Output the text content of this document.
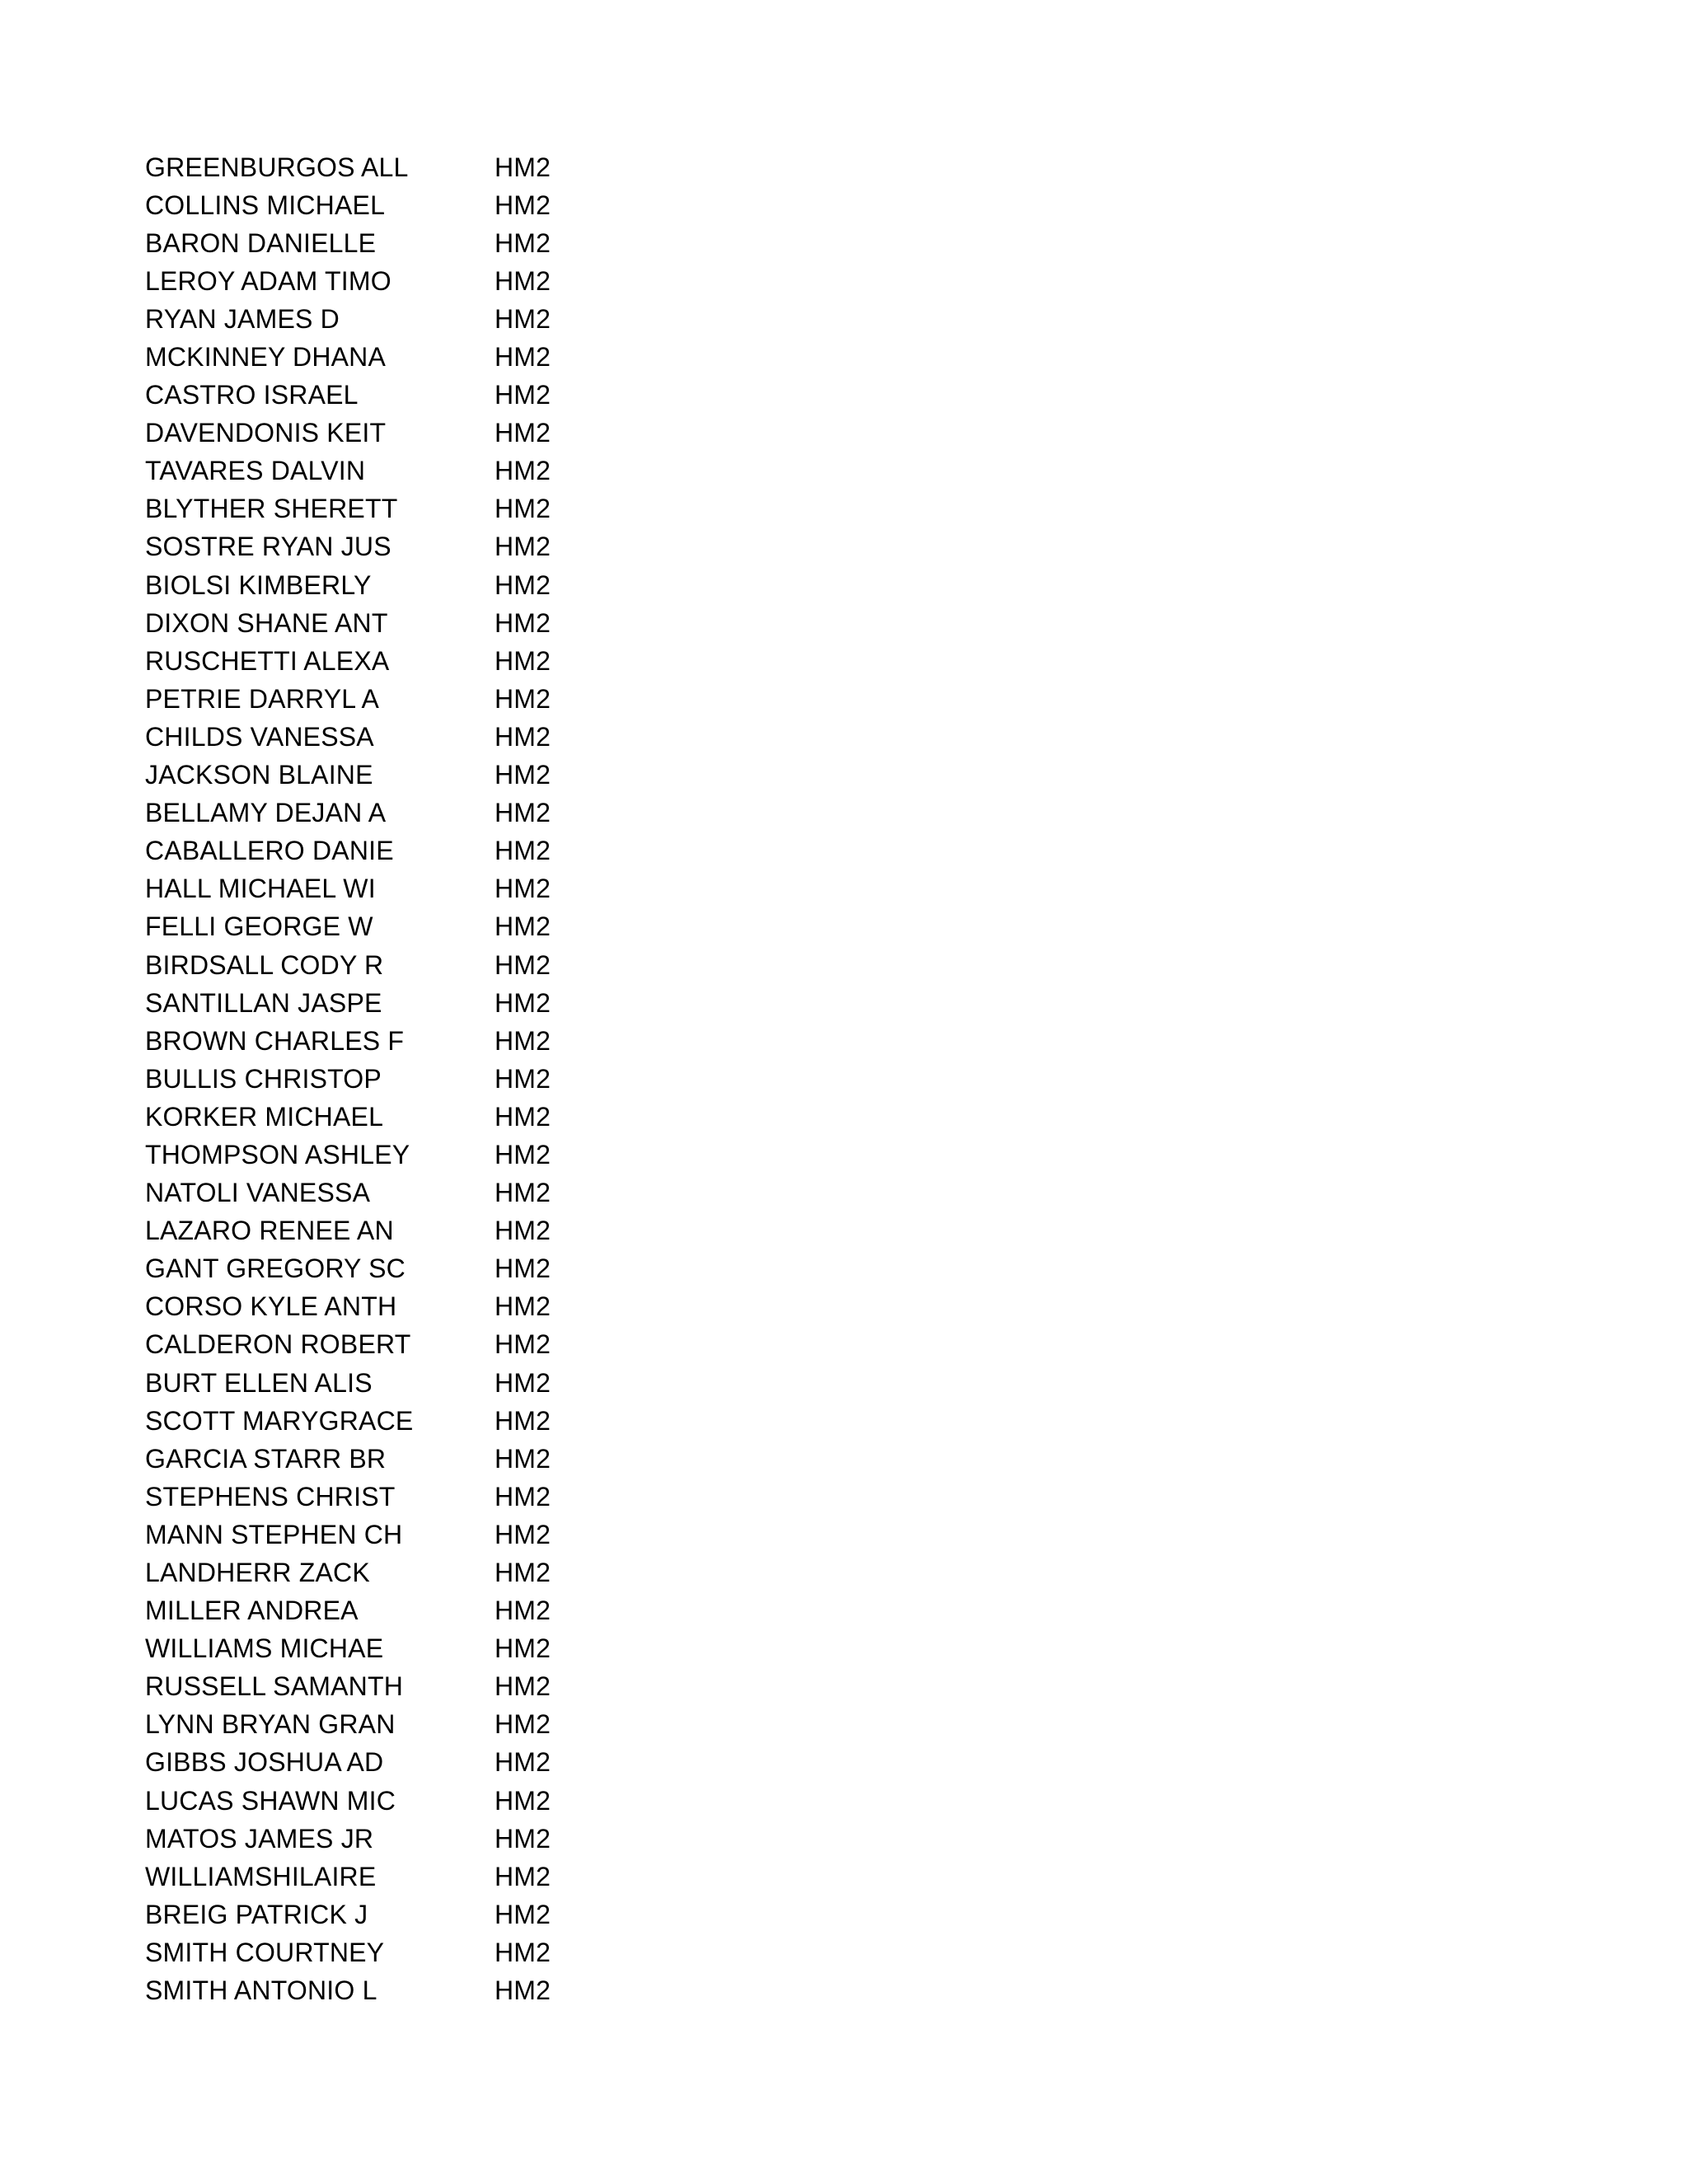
GREENBURGOS ALL	HM2
COLLINS MICHAEL	HM2
BARON DANIELLE	HM2
LEROY ADAM TIMO	HM2
RYAN JAMES D	HM2
MCKINNEY DHANA	HM2
CASTRO ISRAEL	HM2
DAVENDONIS KEIT	HM2
TAVARES DALVIN	HM2
BLYTHER SHERETT	HM2
SOSTRE RYAN JUS	HM2
BIOLSI KIMBERLY	HM2
DIXON SHANE ANT	HM2
RUSCHETTI ALEXA	HM2
PETRIE DARRYL A	HM2
CHILDS VANESSA	HM2
JACKSON BLAINE	HM2
BELLAMY DEJAN A	HM2
CABALLERO DANIE	HM2
HALL MICHAEL WI	HM2
FELLI GEORGE W	HM2
BIRDSALL CODY R	HM2
SANTILLAN JASPE	HM2
BROWN CHARLES F	HM2
BULLIS CHRISTOP	HM2
KORKER MICHAEL	HM2
THOMPSON ASHLEY	HM2
NATOLI VANESSA	HM2
LAZARO RENEE AN	HM2
GANT GREGORY SC	HM2
CORSO KYLE ANTH	HM2
CALDERON ROBERT	HM2
BURT ELLEN ALIS	HM2
SCOTT MARYGRACE	HM2
GARCIA STARR BR	HM2
STEPHENS CHRIST	HM2
MANN STEPHEN CH	HM2
LANDHERR ZACK	HM2
MILLER ANDREA	HM2
WILLIAMS MICHAE	HM2
RUSSELL SAMANTH	HM2
LYNN BRYAN GRAN	HM2
GIBBS JOSHUA AD	HM2
LUCAS SHAWN MIC	HM2
MATOS JAMES JR	HM2
WILLIAMSHILAIRE	HM2
BREIG PATRICK J	HM2
SMITH COURTNEY	HM2
SMITH ANTONIO L	HM2
